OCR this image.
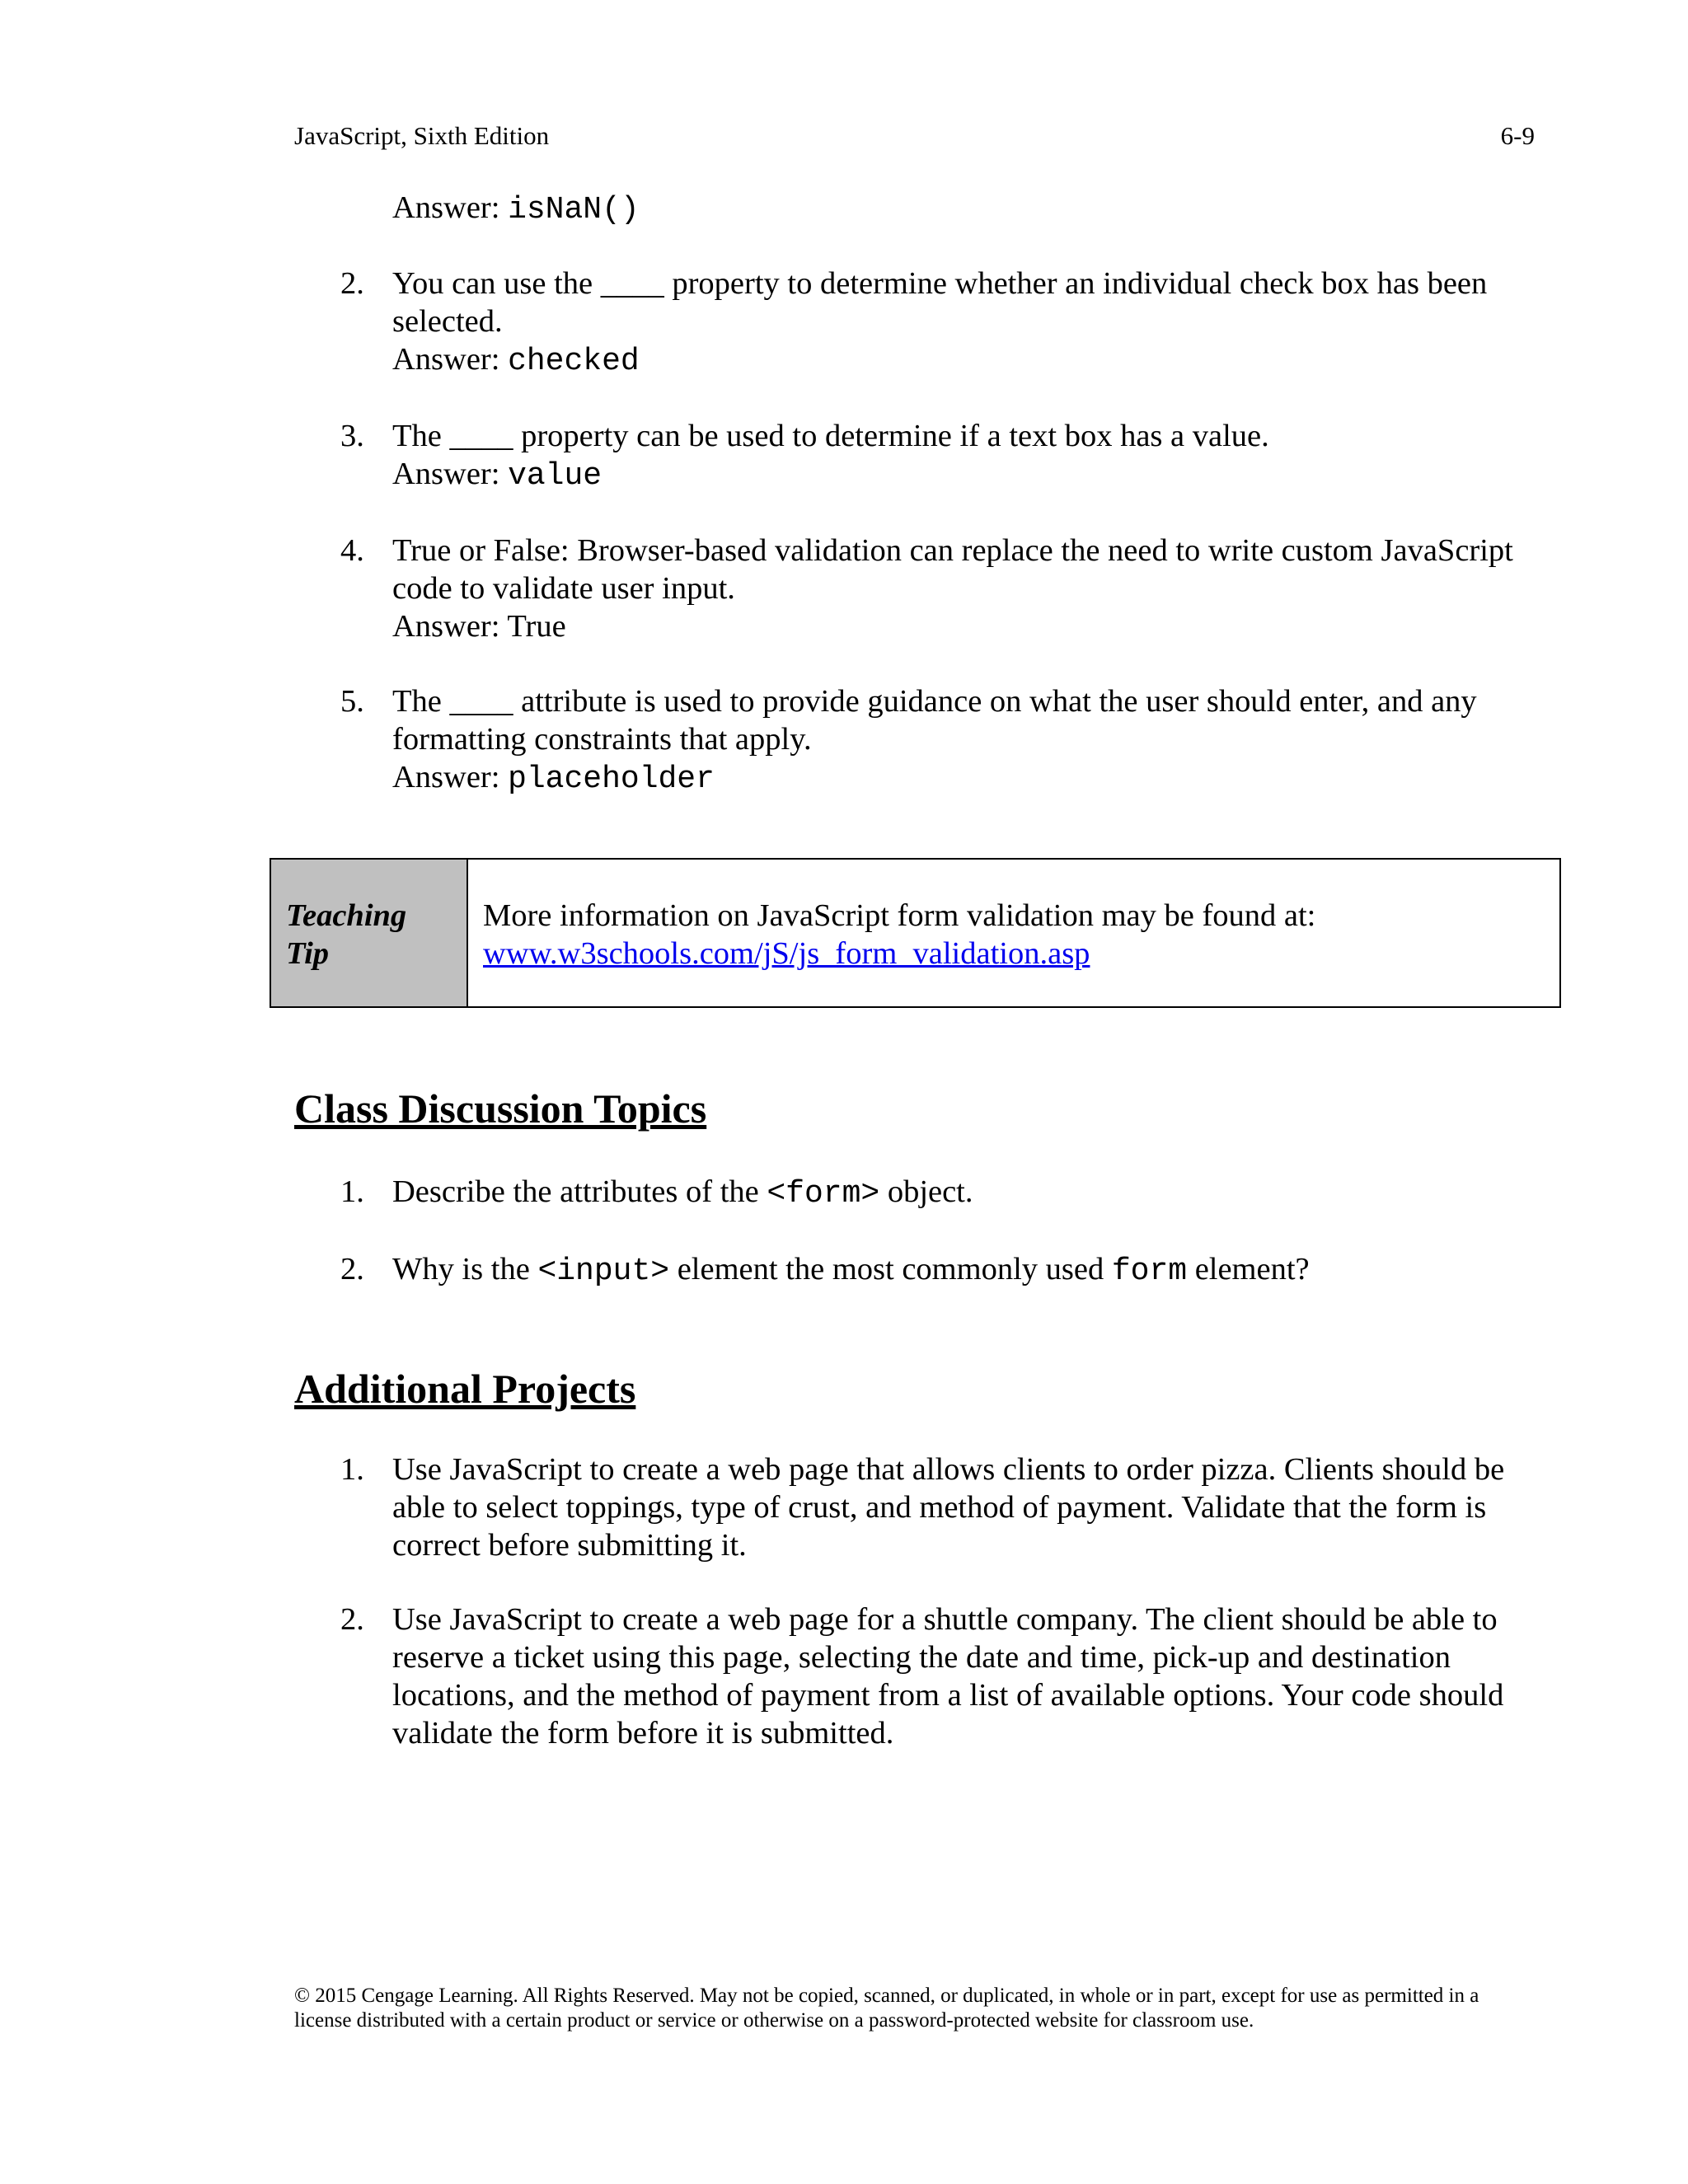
JavaScript, Sixth Edition	6-9
Answer: isNaN()
2. You can use the ____ property to determine whether an individual check box has been
selected.
Answer: checked
3. The ____ property can be used to determine if a text box has a value.
Answer: value
4. True or False: Browser-based validation can replace the need to write custom JavaScript
code to validate user input.
Answer: True
5. The ____ attribute is used to provide guidance on what the user should enter, and any
formatting constraints that apply.
Answer: placeholder
Teaching
Tip
More information on JavaScript form validation may be found at:
www.w3schools.com/jS/js_form_validation.asp
Class Discussion Topics
1. Describe the attributes of the <form> object.
2. Why is the <input> element the most commonly used form element?
Additional Projects
1. Use JavaScript to create a web page that allows clients to order pizza. Clients should be
able to select toppings, type of crust, and method of payment. Validate that the form is
correct before submitting it.
2. Use JavaScript to create a web page for a shuttle company. The client should be able to
reserve a ticket using this page, selecting the date and time, pick-up and destination
locations, and the method of payment from a list of available options. Your code should
validate the form before it is submitted.
© 2015 Cengage Learning. All Rights Reserved. May not be copied, scanned, or duplicated, in whole or in part, except for use as permitted in a
license distributed with a certain product or service or otherwise on a password-protected website for classroom use.
